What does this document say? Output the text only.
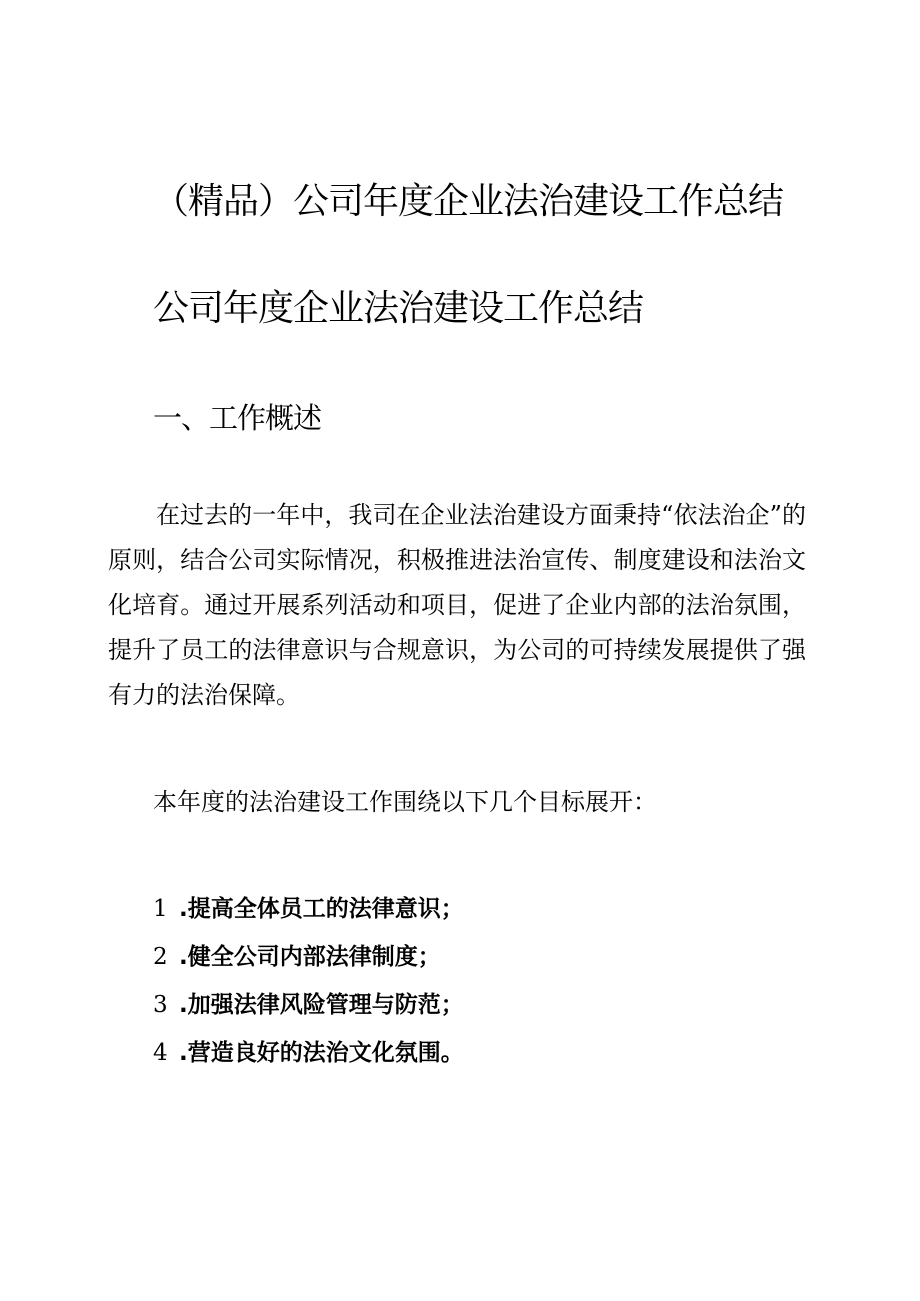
（精品）公司年度企业法治建设工作总结
公司年度企业法治建设工作总结
一、工作概述

在过去的一年中，我司在企业法治建设方面秉持“依法治企”的原则，结合公司实际情况，积极推进法治宣传、制度建设和法治文化培育。通过开展系列活动和项目，促进了企业内部的法治氛围，提升了员工的法律意识与合规意识，为公司的可持续发展提供了强有力的法治保障。

本年度的法治建设工作围绕以下几个目标展开：

1 .提高全体员工的法律意识；
2 .健全公司内部法律制度；
3 .加强法律风险管理与防范；
4 .营造良好的法治文化氛围。
